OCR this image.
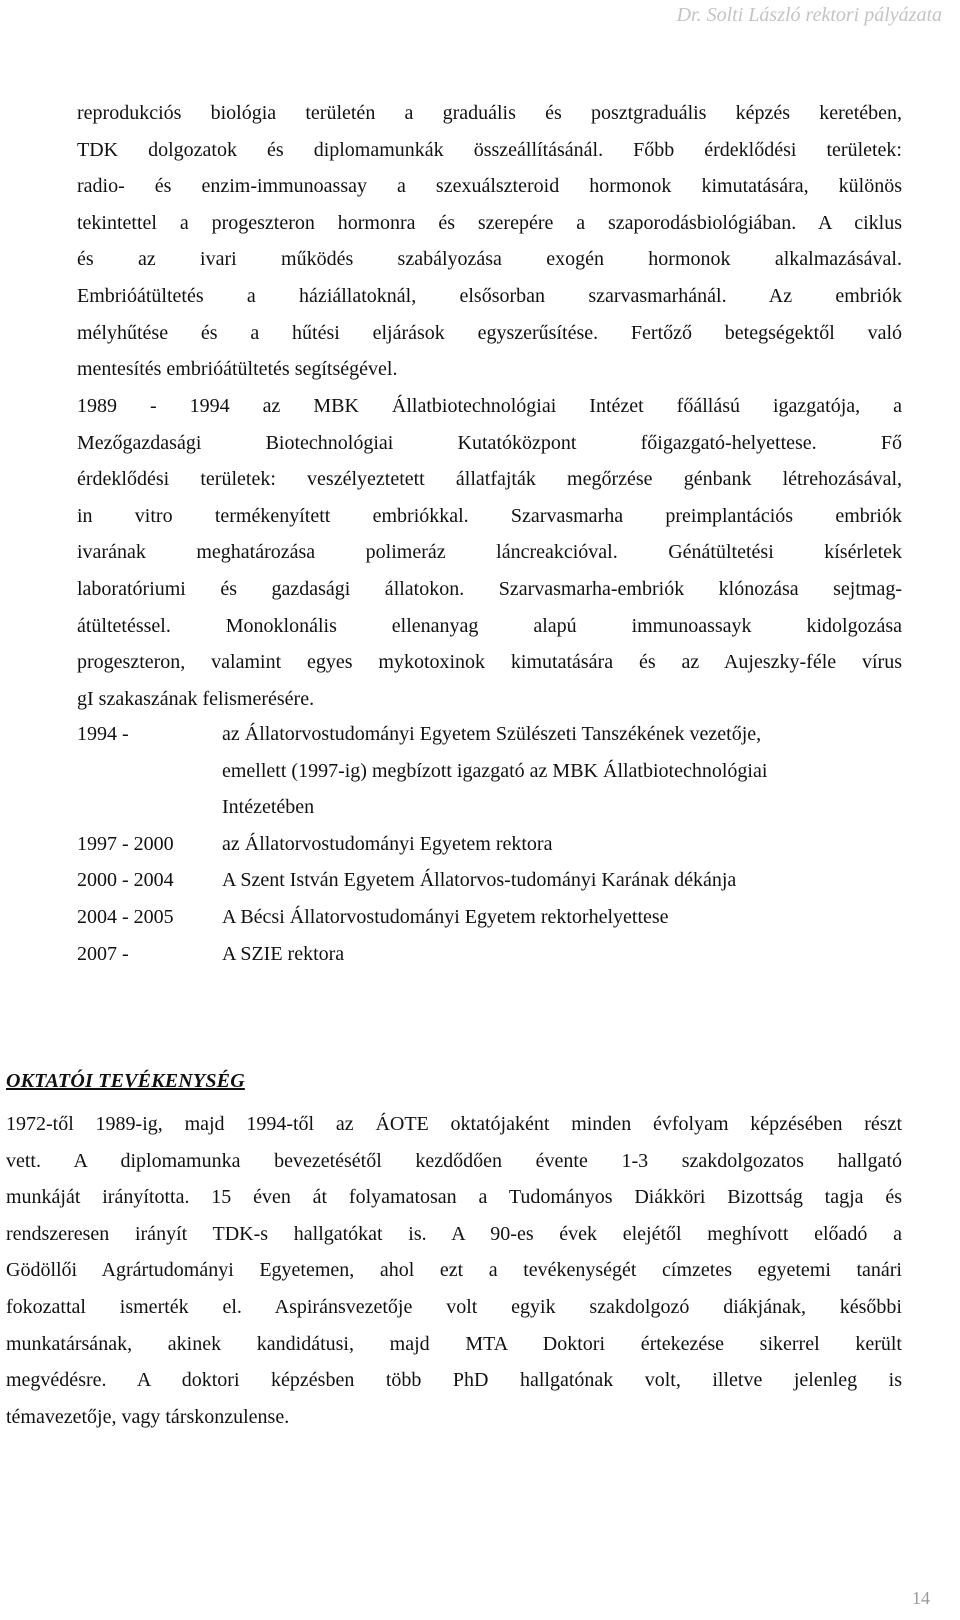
Dr. Solti László rektori pályázata

reprodukciós biológia területén a graduális és posztgraduális képzés keretében,

TDK dolgozatok és diplomamunkák összeállításánál. Főbb érdeklődési területek:

radio- és enzim-immunoassay a szexuálszteroid hormonok kimutatására, különös

tekintettel a progeszteron hormonra és szerepére a szaporodásbiológiában. A ciklus

és az ivari működés szabályozása exogén hormonok alkalmazásával.

Embrióátültetés a háziállatoknál, elsősorban szarvasmarhánál. Az embriók

mélyhűtése és a hűtési eljárások egyszerűsítése. Fertőző betegségektől való

mentesítés embrióátültetés segítségével.

1989 - 1994 az MBK Állatbiotechnológiai Intézet főállású igazgatója, a

Mezőgazdasági Biotechnológiai Kutatóközpont főigazgató-helyettese. Fő

érdeklődési területek: veszélyeztetett állatfajták megőrzése génbank létrehozásával,

in vitro termékenyített embriókkal. Szarvasmarha preimplantációs embriók

ivarának meghatározása polimeráz láncreakcióval. Génátültetési kísérletek

laboratóriumi és gazdasági állatokon. Szarvasmarha-embriók klónozása sejtmag-

átültetéssel. Monoklonális ellenanyag alapú immunoassayk kidolgozása

progeszteron, valamint egyes mykotoxinok kimutatására és az Aujeszky-féle vírus

gI szakaszának felismerésére.

1994 -	az Állatorvostudományi Egyetem Szülészeti Tanszékének vezetője,
emellett (1997-ig) megbízott igazgató az MBK Állatbiotechnológiai
Intézetében
1997 - 2000	az Állatorvostudományi Egyetem rektora
2000 - 2004	A Szent István Egyetem Állatorvos-tudományi Karának dékánja
2004 - 2005	A Bécsi Állatorvostudományi Egyetem rektorhelyettese
2007 -	A SZIE rektora
OKTATÓI TEVÉKENYSÉG

1972-től 1989-ig, majd 1994-től az ÁOTE oktatójaként minden évfolyam képzésében részt

vett. A diplomamunka bevezetésétől kezdődően évente 1-3 szakdolgozatos hallgató

munkáját irányította. 15 éven át folyamatosan a Tudományos Diákköri Bizottság tagja és

rendszeresen irányít TDK-s hallgatókat is. A 90-es évek elejétől meghívott előadó a

Gödöllői Agrártudományi Egyetemen, ahol ezt a tevékenységét címzetes egyetemi tanári

fokozattal ismerték el. Aspiránsvezetője volt egyik szakdolgozó diákjának, későbbi

munkatársának, akinek kandidátusi, majd MTA Doktori értekezése sikerrel került

megvédésre. A doktori képzésben több PhD hallgatónak volt, illetve jelenleg is

témavezetője, vagy társkonzulense.

14
